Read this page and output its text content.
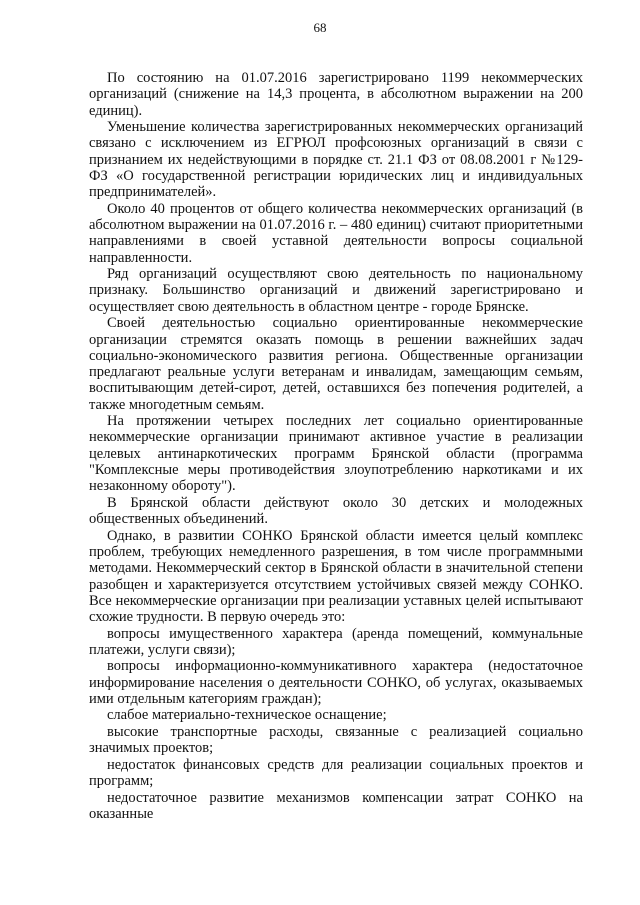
68

По состоянию на 01.07.2016 зарегистрировано 1199 некоммерческих организаций (снижение на 14,3 процента, в абсолютном выражении на 200 единиц).

Уменьшение количества зарегистрированных некоммерческих организаций связано с исключением из ЕГРЮЛ профсоюзных организаций в связи с признанием их недействующими в порядке ст. 21.1 ФЗ от 08.08.2001 г №129-ФЗ «О государственной регистрации юридических лиц и индивидуальных предпринимателей».

Около 40 процентов от общего количества некоммерческих организаций (в абсолютном выражении на 01.07.2016 г. – 480 единиц) считают приоритетными направлениями в своей уставной деятельности вопросы социальной направленности.

Ряд организаций осуществляют свою деятельность по национальному признаку. Большинство организаций и движений зарегистрировано и осуществляет свою деятельность в областном центре - городе Брянске.

Своей деятельностью социально ориентированные некоммерческие организации стремятся оказать помощь в решении важнейших задач социально-экономического развития региона. Общественные организации предлагают реальные услуги ветеранам и инвалидам, замещающим семьям, воспитывающим детей-сирот, детей, оставшихся без попечения родителей, а также многодетным семьям.

На протяжении четырех последних лет социально ориентированные некоммерческие организации принимают активное участие в реализации целевых антинаркотических программ Брянской области (программа "Комплексные меры противодействия злоупотреблению наркотиками и их незаконному обороту").

В Брянской области действуют около 30 детских и молодежных общественных объединений.

Однако, в развитии СОНКО Брянской области имеется целый комплекс проблем, требующих немедленного разрешения, в том числе программными методами. Некоммерческий сектор в Брянской области в значительной степени разобщен и характеризуется отсутствием устойчивых связей между СОНКО. Все некоммерческие организации при реализации уставных целей испытывают схожие трудности. В первую очередь это:

вопросы имущественного характера (аренда помещений, коммунальные платежи, услуги связи);

вопросы информационно-коммуникативного характера (недостаточное информирование населения о деятельности СОНКО, об услугах, оказываемых ими отдельным категориям граждан);

слабое материально-техническое оснащение;

высокие транспортные расходы, связанные с реализацией социально значимых проектов;

недостаток финансовых средств для реализации социальных проектов и программ;

недостаточное развитие механизмов компенсации затрат СОНКО на оказанные
